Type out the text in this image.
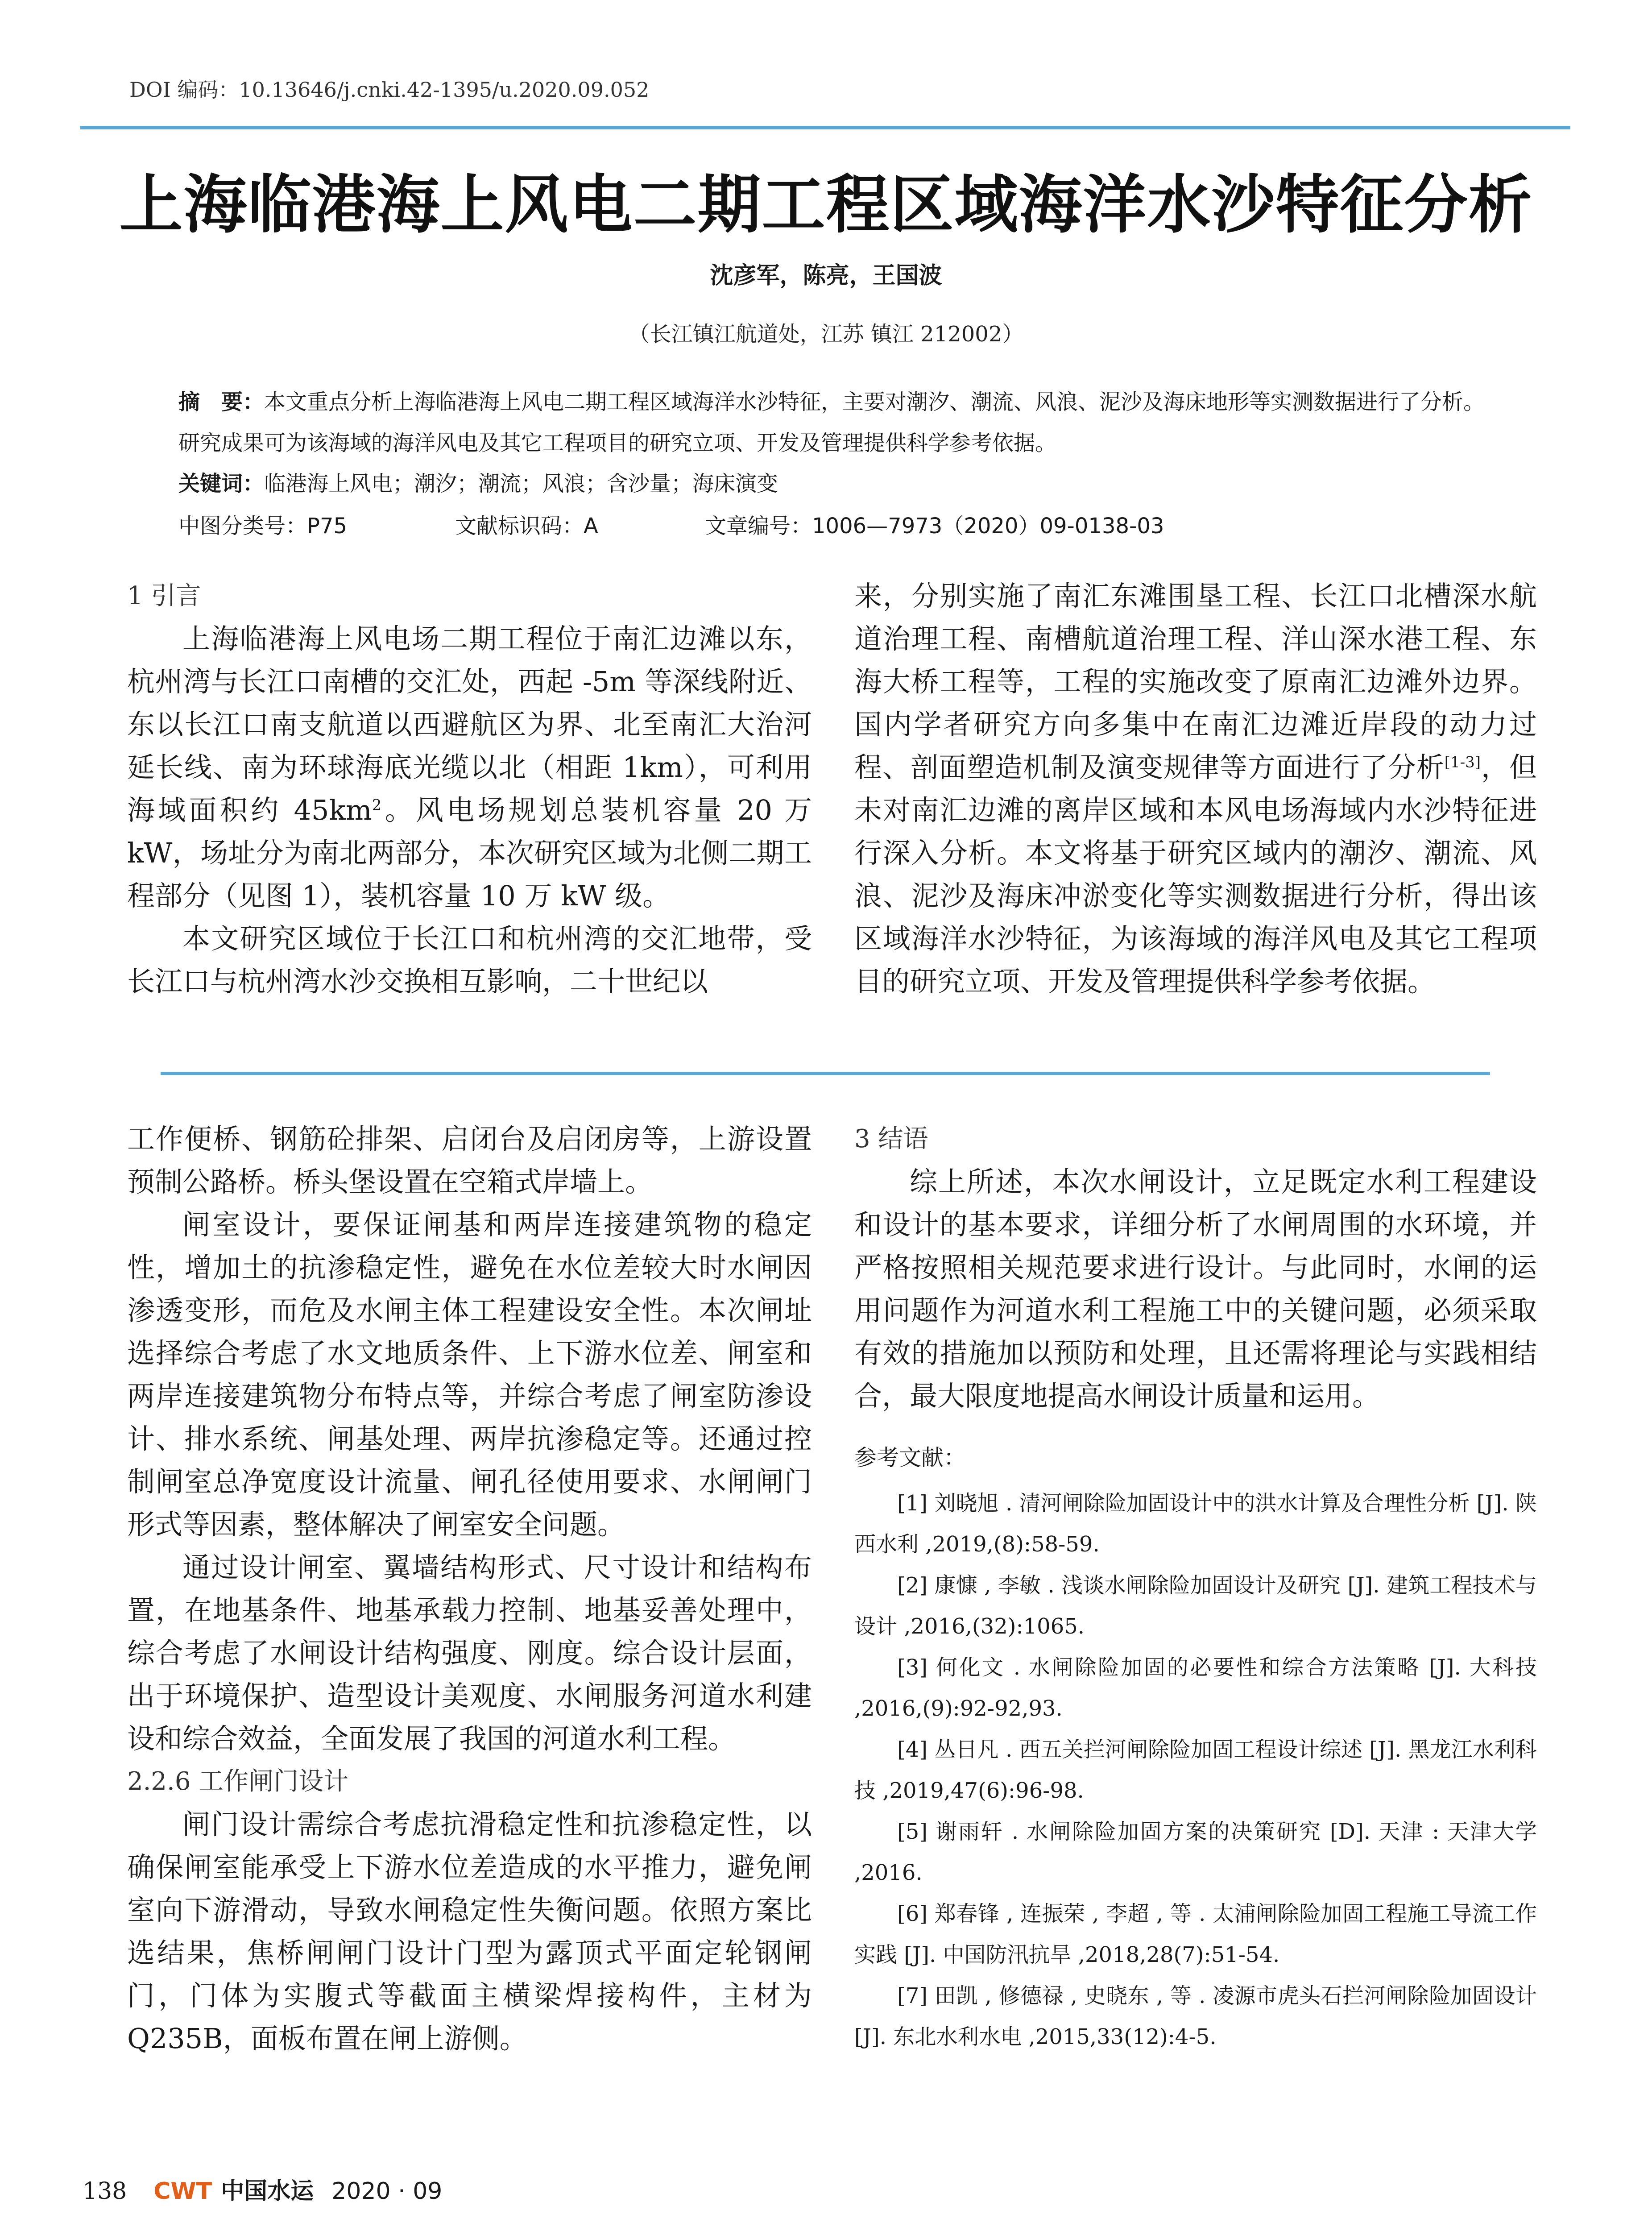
DOI 编码：10.13646/j.cnki.42-1395/u.2020.09.052
上海临港海上风电二期工程区域海洋水沙特征分析
沈彦军，陈亮，王国波
（长江镇江航道处，江苏 镇江 212002）
摘　要：本文重点分析上海临港海上风电二期工程区域海洋水沙特征，主要对潮汐、潮流、风浪、泥沙及海床地形等实测数据进行了分析。研究成果可为该海域的海洋风电及其它工程项目的研究立项、开发及管理提供科学参考依据。
关键词：临港海上风电；潮汐；潮流；风浪；含沙量；海床演变
中图分类号：P75	文献标识码：A	文章编号：1006—7973（2020）09-0138-03

1 引言

上海临港海上风电场二期工程位于南汇边滩以东，杭州湾与长江口南槽的交汇处，西起 -5m 等深线附近、东以长江口南支航道以西避航区为界、北至南汇大治河延长线、南为环球海底光缆以北（相距 1km），可利用海域面积约 $45km^2$。风电场规划总装机容量 20 万 kW，场址分为南北两部分，本次研究区域为北侧二期工程部分（见图 1），装机容量 10 万 kW 级。

本文研究区域位于长江口和杭州湾的交汇地带，受长江口与杭州湾水沙交换相互影响，二十世纪以

来，分别实施了南汇东滩围垦工程、长江口北槽深水航道治理工程、南槽航道治理工程、洋山深水港工程、东海大桥工程等，工程的实施改变了原南汇边滩外边界。国内学者研究方向多集中在南汇边滩近岸段的动力过程、剖面塑造机制及演变规律等方面进行了分析[1-3]，但未对南汇边滩的离岸区域和本风电场海域内水沙特征进行深入分析。本文将基于研究区域内的潮汐、潮流、风浪、泥沙及海床冲淤变化等实测数据进行分析，得出该区域海洋水沙特征，为该海域的海洋风电及其它工程项目的研究立项、开发及管理提供科学参考依据。

工作便桥、钢筋砼排架、启闭台及启闭房等，上游设置预制公路桥。桥头堡设置在空箱式岸墙上。

闸室设计，要保证闸基和两岸连接建筑物的稳定性，增加土的抗渗稳定性，避免在水位差较大时水闸因渗透变形，而危及水闸主体工程建设安全性。本次闸址选择综合考虑了水文地质条件、上下游水位差、闸室和两岸连接建筑物分布特点等，并综合考虑了闸室防渗设计、排水系统、闸基处理、两岸抗渗稳定等。还通过控制闸室总净宽度设计流量、闸孔径使用要求、水闸闸门形式等因素，整体解决了闸室安全问题。

通过设计闸室、翼墙结构形式、尺寸设计和结构布置，在地基条件、地基承载力控制、地基妥善处理中，综合考虑了水闸设计结构强度、刚度。综合设计层面，出于环境保护、造型设计美观度、水闸服务河道水利建设和综合效益，全面发展了我国的河道水利工程。

2.2.6 工作闸门设计

闸门设计需综合考虑抗滑稳定性和抗渗稳定性，以确保闸室能承受上下游水位差造成的水平推力，避免闸室向下游滑动，导致水闸稳定性失衡问题。依照方案比选结果，焦桥闸闸门设计门型为露顶式平面定轮钢闸门，门体为实腹式等截面主横梁焊接构件，主材为 Q235B，面板布置在闸上游侧。

3 结语

综上所述，本次水闸设计，立足既定水利工程建设和设计的基本要求，详细分析了水闸周围的水环境，并严格按照相关规范要求进行设计。与此同时，水闸的运用问题作为河道水利工程施工中的关键问题，必须采取有效的措施加以预防和处理，且还需将理论与实践相结合，最大限度地提高水闸设计质量和运用。

参考文献：
[1] 刘晓旭 . 清河闸除险加固设计中的洪水计算及合理性分析 [J]. 陕西水利 ,2019,(8):58-59.
[2] 康慷 , 李敏 . 浅谈水闸除险加固设计及研究 [J]. 建筑工程技术与设计 ,2016,(32):1065.
[3] 何化文 . 水闸除险加固的必要性和综合方法策略 [J]. 大科技 ,2016,(9):92-92,93.
[4] 丛日凡 . 西五关拦河闸除险加固工程设计综述 [J]. 黑龙江水利科技 ,2019,47(6):96-98.
[5] 谢雨轩 . 水闸除险加固方案的决策研究 [D]. 天津 : 天津大学 ,2016.
[6] 郑春锋 , 连振荣 , 李超 , 等 . 太浦闸除险加固工程施工导流工作实践 [J]. 中国防汛抗旱 ,2018,28(7):51-54.
[7] 田凯 , 修德禄 , 史晓东 , 等 . 凌源市虎头石拦河闸除险加固设计 [J]. 东北水利水电 ,2015,33(12):4-5.
138 CWT 中国水运 2020 · 09
